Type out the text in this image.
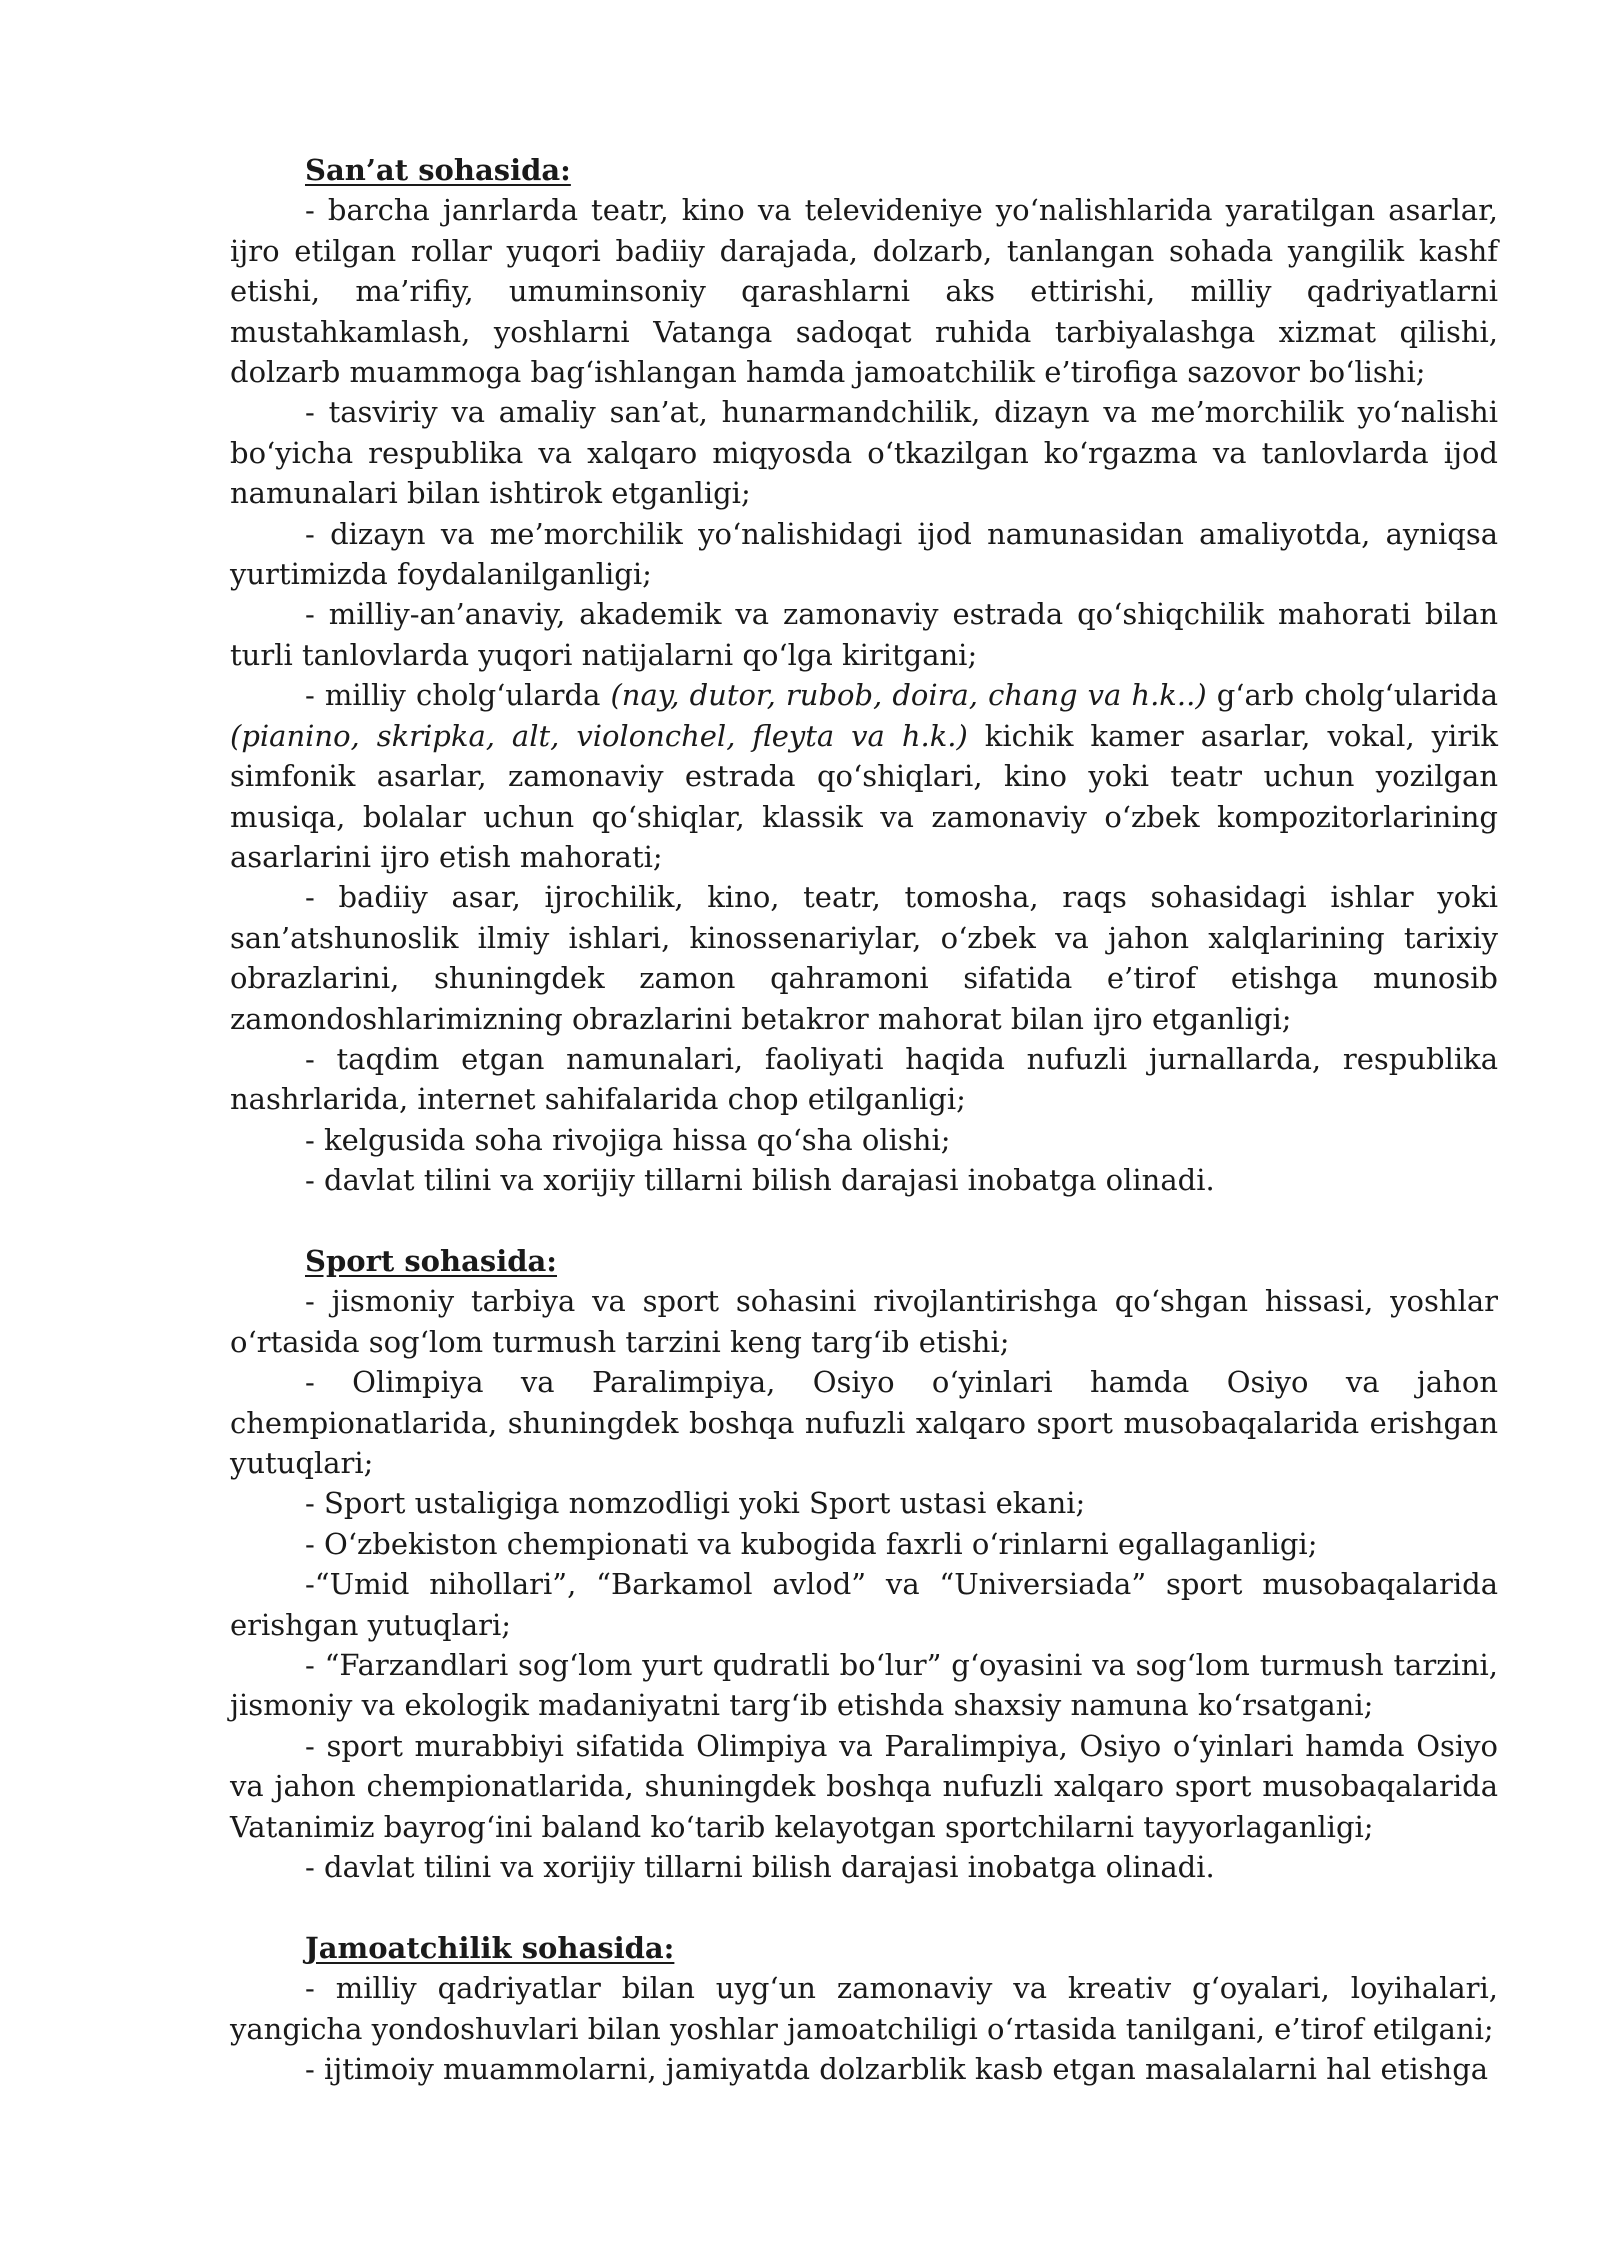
San’at sohasida:

- barcha janrlarda teatr, kino va televideniye yo‘nalishlarida yaratilgan asarlar, ijro etilgan rollar yuqori badiiy darajada, dolzarb, tanlangan sohada yangilik kashf etishi, ma’rifiy, umuminsoniy qarashlarni aks ettirishi, milliy qadriyatlarni mustahkamlash, yoshlarni Vatanga sadoqat ruhida tarbiyalashga xizmat qilishi, dolzarb muammoga bag‘ishlangan hamda jamoatchilik e’tirofiga sazovor bo‘lishi;

- tasviriy va amaliy san’at, hunarmandchilik, dizayn va me’morchilik yo‘nalishi bo‘yicha respublika va xalqaro miqyosda o‘tkazilgan ko‘rgazma va tanlovlarda ijod namunalari bilan ishtirok etganligi;

- dizayn va me’morchilik yo‘nalishidagi ijod namunasidan amaliyotda, ayniqsa yurtimizda foydalanilganligi;

- milliy-an’anaviy, akademik va zamonaviy estrada qo‘shiqchilik mahorati bilan turli tanlovlarda yuqori natijalarni qo‘lga kiritgani;

- milliy cholg‘ularda (nay, dutor, rubob, doira, chang va h.k..) g‘arb cholg‘ularida (pianino, skripka, alt, violonchel, fleyta va h.k.) kichik kamer asarlar, vokal, yirik simfonik asarlar, zamonaviy estrada qo‘shiqlari, kino yoki teatr uchun yozilgan musiqa, bolalar uchun qo‘shiqlar, klassik va zamonaviy o‘zbek kompozitorlarining asarlarini ijro etish mahorati;

- badiiy asar, ijrochilik, kino, teatr, tomosha, raqs sohasidagi ishlar yoki san’atshunoslik ilmiy ishlari, kinossenariylar, o‘zbek va jahon xalqlarining tarixiy obrazlarini, shuningdek zamon qahramoni sifatida e’tirof etishga munosib zamondoshlarimizning obrazlarini betakror mahorat bilan ijro etganligi;

- taqdim etgan namunalari, faoliyati haqida nufuzli jurnallarda, respublika nashrlarida, internet sahifalarida chop etilganligi;

- kelgusida soha rivojiga hissa qo‘sha olishi;

- davlat tilini va xorijiy tillarni bilish darajasi inobatga olinadi.

Sport sohasida:

- jismoniy tarbiya va sport sohasini rivojlantirishga qo‘shgan hissasi, yoshlar o‘rtasida sog‘lom turmush tarzini keng targ‘ib etishi;

- Olimpiya va Paralimpiya, Osiyo o‘yinlari hamda Osiyo va jahon chempionatlarida, shuningdek boshqa nufuzli xalqaro sport musobaqalarida erishgan yutuqlari;

- Sport ustaligiga nomzodligi yoki Sport ustasi ekani;

- O‘zbekiston chempionati va kubogida faxrli o‘rinlarni egallaganligi;

-“Umid nihollari”, “Barkamol avlod” va “Universiada” sport musobaqalarida erishgan yutuqlari;

- “Farzandlari sog‘lom yurt qudratli bo‘lur” g‘oyasini va sog‘lom turmush tarzini, jismoniy va ekologik madaniyatni targ‘ib etishda shaxsiy namuna ko‘rsatgani;

- sport murabbiyi sifatida Olimpiya va Paralimpiya, Osiyo o‘yinlari hamda Osiyo va jahon chempionatlarida, shuningdek boshqa nufuzli xalqaro sport musobaqalarida Vatanimiz bayrog‘ini baland ko‘tarib kelayotgan sportchilarni tayyorlaganligi;

- davlat tilini va xorijiy tillarni bilish darajasi inobatga olinadi.

Jamoatchilik sohasida:

- milliy qadriyatlar bilan uyg‘un zamonaviy va kreativ g‘oyalari, loyihalari, yangicha yondoshuvlari bilan yoshlar jamoatchiligi o‘rtasida tanilgani, e’tirof etilgani;

- ijtimoiy muammolarni, jamiyatda dolzarblik kasb etgan masalalarni hal etishga
